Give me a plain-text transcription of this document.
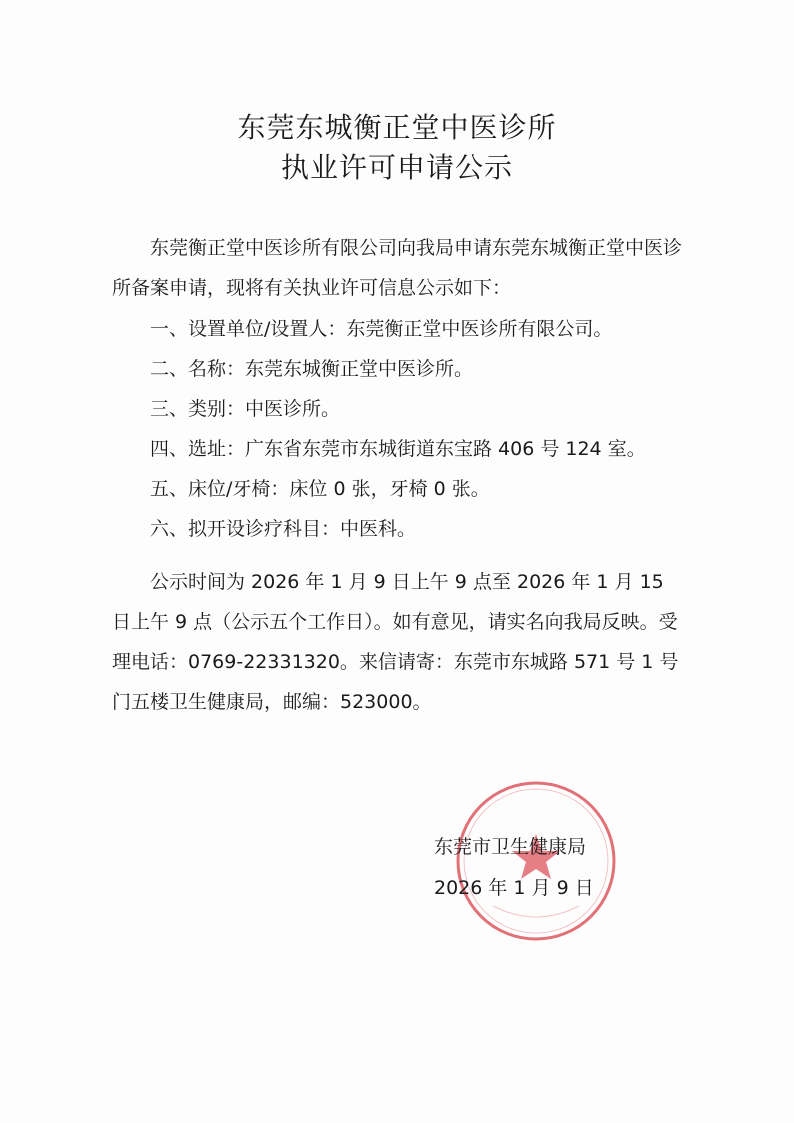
东莞东城衡正堂中医诊所
执业许可申请公示

东莞衡正堂中医诊所有限公司向我局申请东莞东城衡正堂中医诊所备案申请，现将有关执业许可信息公示如下：

一、设置单位/设置人：东莞衡正堂中医诊所有限公司。

二、名称：东莞东城衡正堂中医诊所。

三、类别：中医诊所。

四、选址：广东省东莞市东城街道东宝路 406 号 124 室。

五、床位/牙椅：床位 0 张，牙椅 0 张。

六、拟开设诊疗科目：中医科。

公示时间为 2026 年 1 月 9 日上午 9 点至 2026 年 1 月 15 日上午 9 点（公示五个工作日）。如有意见，请实名向我局反映。受理电话：0769-22331320。来信请寄：东莞市东城路 571 号 1 号门五楼卫生健康局，邮编：523000。

东莞市卫生健康局

2026 年 1 月 9 日
